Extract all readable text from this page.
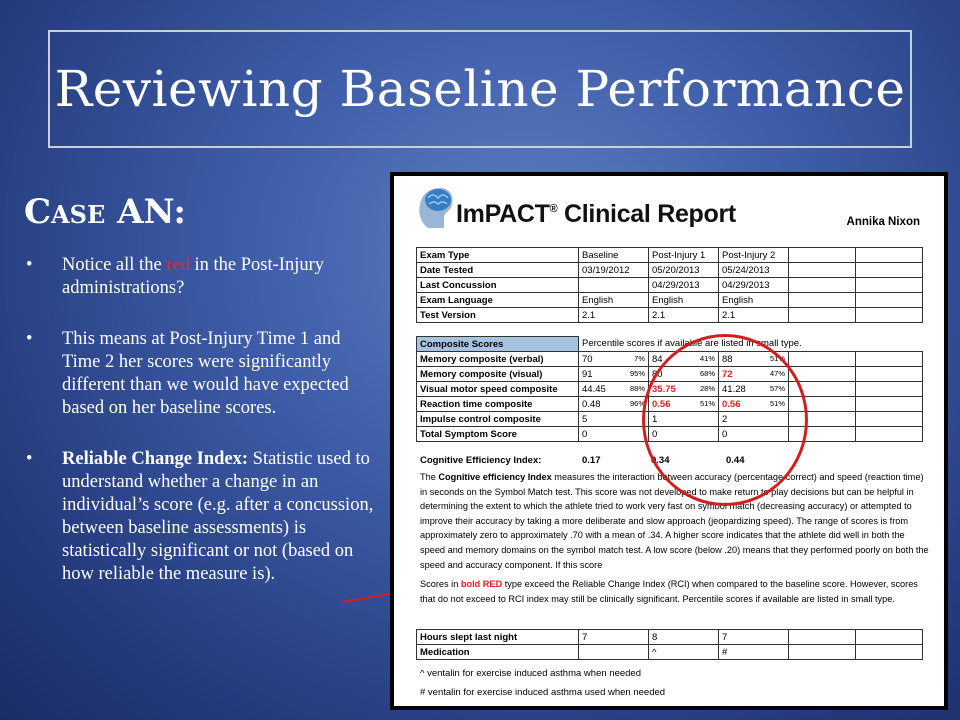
Reviewing Baseline Performance
Case AN:
• Notice all the red in the Post-Injury administrations?
• This means at Post-Injury Time 1 and Time 2 her scores were significantly different than we would have expected based on her baseline scores.
• Reliable Change Index: Statistic used to understand whether a change in an individual’s score (e.g. after a concussion, between baseline assessments) is statistically significant or not (based on how reliable the measure is).
ImPACT® Clinical Report	Annika Nixon
Exam Type	Baseline	Post-Injury 1	Post-Injury 2		
Date Tested	03/19/2012	05/20/2013	05/24/2013		
Last Concussion		04/29/2013	04/29/2013		
Exam Language	English	English	English		
Test Version	2.1	2.1	2.1		
Composite Scores	Percentile scores if available are listed in small type.				
Memory composite (verbal)	70 7%	84 41%	88 51%		

Memory composite (visual)	91 95%	80 68%	72 47%		

Visual motor speed composite	44.45 88%	35.75 28%	41.28 57%		

Reaction time composite	0.48 96%	0.56 51%	0.56 51%		

Impulse control composite	5	1	2		
Total Symptom Score	0	0	0		
Cognitive Efficiency Index:	0.17	0.34	0.44
The Cognitive efficiency Index measures the interaction between accuracy (percentage correct) and speed (reaction time) in seconds on the Symbol Match test. This score was not developed to make return to play decisions but can be helpful in determining the extent to which the athlete tried to work very fast on symbol match (decreasing accuracy) or attempted to improve their accuracy by taking a more deliberate and slow approach (jeopardizing speed). The range of scores is from approximately zero to approximately .70 with a mean of .34. A higher score indicates that the athlete did well in both the speed and memory domains on the symbol match test. A low score (below .20) means that they performed poorly on both the speed and accuracy component. If this score
Scores in bold RED type exceed the Reliable Change Index (RCI) when compared to the baseline score. However, scores that do not exceed to RCI index may still be clinically significant. Percentile scores if available are listed in small type.
Hours slept last night	7	8	7		
Medication		^	#		
^ ventalin for exercise induced asthma when needed
# ventalin for exercise induced asthma used when needed
